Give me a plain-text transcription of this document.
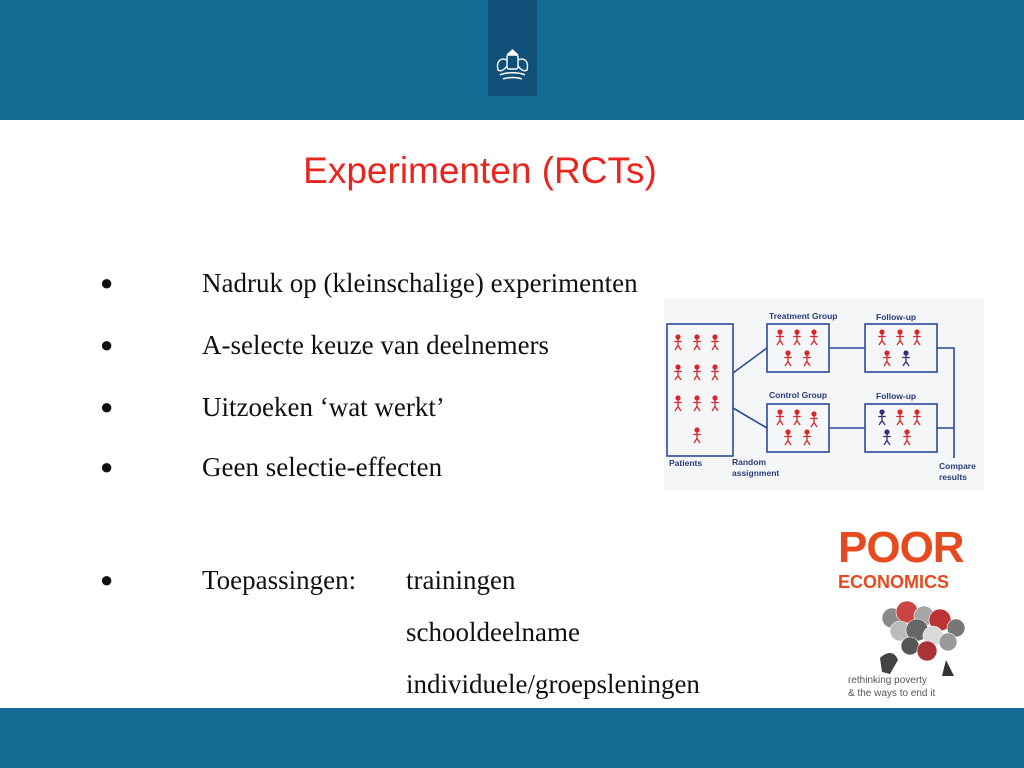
Experimenten (RCTs)
●	Nadruk op (kleinschalige) experimenten
●	A-selecte keuze van deelnemers
●	Uitzoeken ‘wat werkt’
●	Geen selectie-effecten
●	Toepassingen: trainingen
schooldeelname
individuele/groepsleningen
Treatment Group	Follow-up
Control Group	Follow-up
Patients	Random
assignment
Compare
results
POOR
ECONOMICS
rethinking poverty
& the ways to end it
